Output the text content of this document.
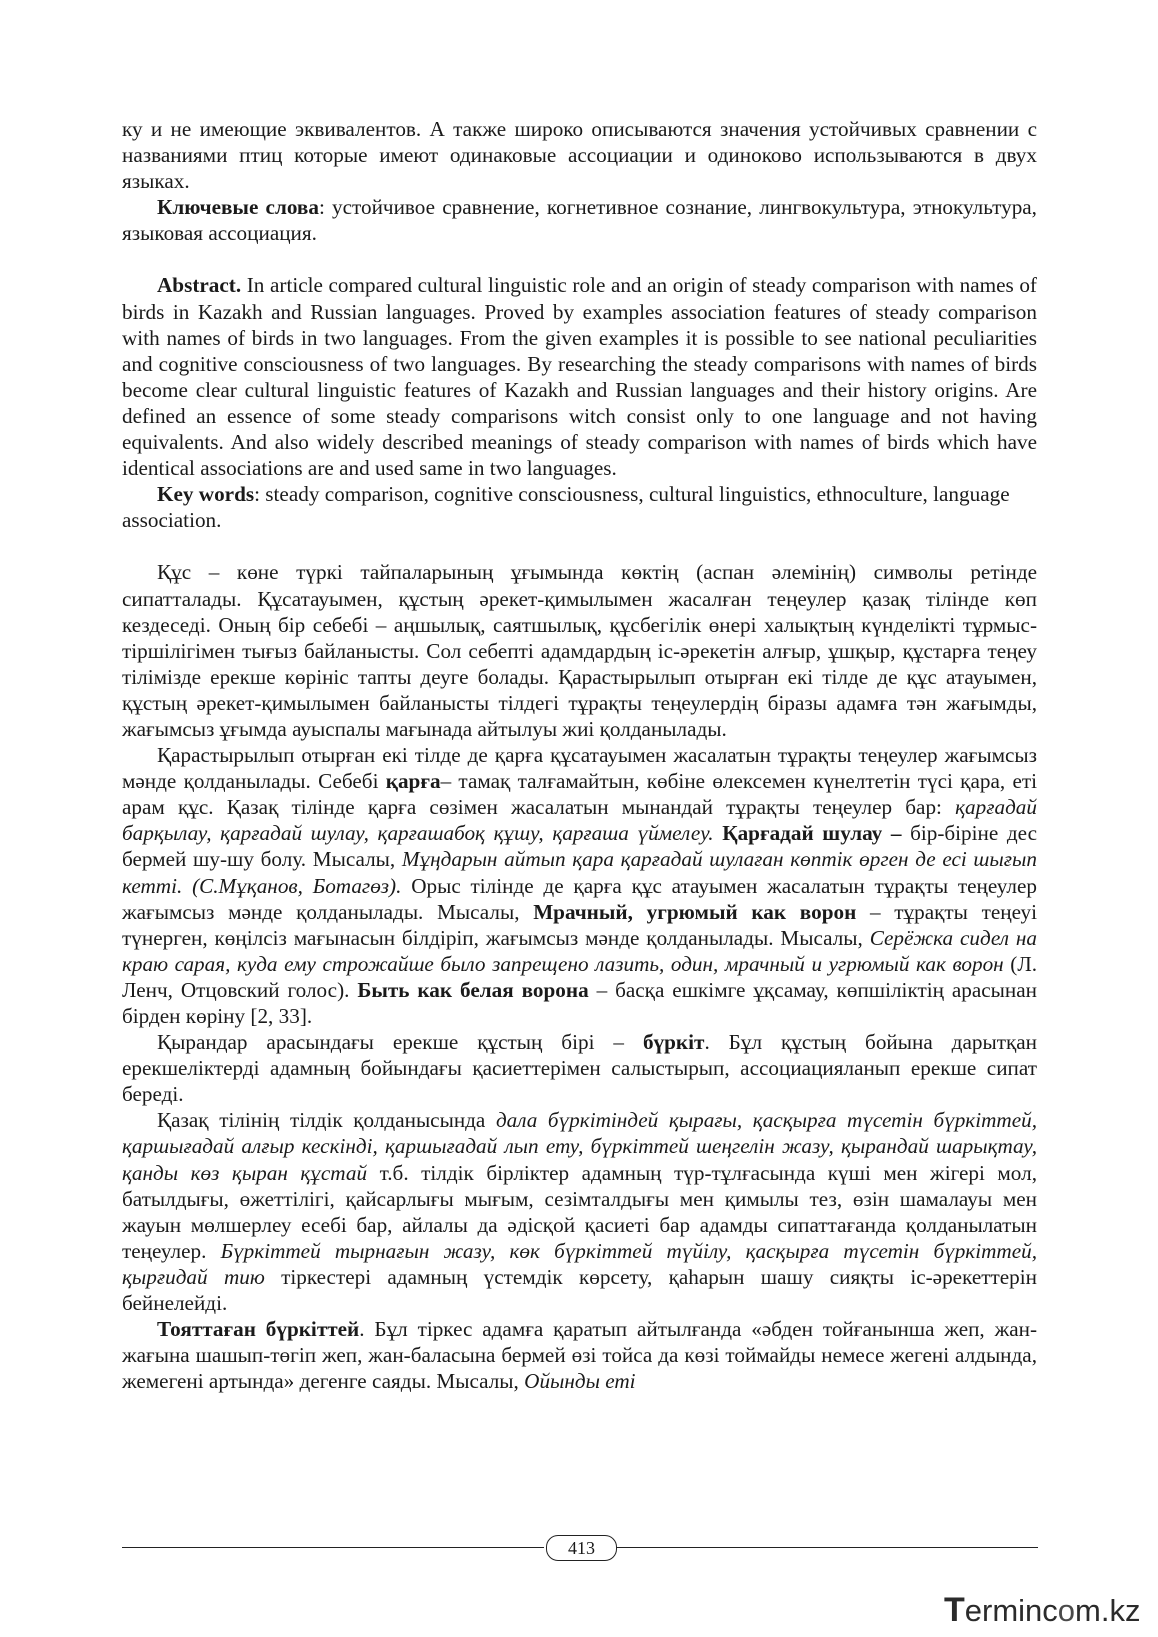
ку и не имеющие эквивалентов. А также широко описываются значения устойчивых сравнении с названиями птиц которые имеют одинаковые ассоциации и одиноково использываются в двух языках.

Ключевые слова: устойчивое сравнение, когнетивное сознание, лингвокультура, этнокультура, языковая ассоциация.

Abstract. In article compared cultural linguistic role and an origin of steady comparison with names of birds in Kazakh and Russian languages. Proved by examples association features of steady comparison with names of birds in two languages. From the given examples it is possible to see national peculiarities and cognitive consciousness of two languages. By researching the steady comparisons with names of birds become clear cultural linguistic features of Kazakh and Russian languages and their history origins. Are defined an essence of some steady comparisons witch consist only to one language and not having equivalents. And also widely described meanings of steady comparison with names of birds which have identical associations are and used same in two languages.

Key words: steady comparison, cognitive consciousness, cultural linguistics, ethnoculture, language association.

Құс – көне түркі тайпаларының ұғымында көктің (аспан әлемінің) символы ретінде сипатталады. Құсатауымен, құстың әрекет-қимылымен жасалған теңеулер қазақ тілінде көп кездеседі. Оның бір себебі – аңшылық, саятшылық, құсбегілік өнері халықтың күнделікті тұрмыс-тіршілігімен тығыз байланысты. Сол себепті адамдардың іс-әрекетін алғыр, ұшқыр, құстарға теңеу тілімізде ерекше көрініс тапты деуге болады. Қарастырылып отырған екі тілде де құс атауымен, құстың әрекет-қимылымен байланысты тілдегі тұрақты теңеулердің біразы адамға тән жағымды, жағымсыз ұғымда ауыспалы мағынада айтылуы жиі қолданылады.

Қарастырылып отырған екі тілде де қарға құсатауымен жасалатын тұрақты теңеулер жағымсыз мәнде қолданылады. Себебі қарға– тамақ талғамайтын, көбіне өлексемен күнелтетін түсі қара, еті арам құс. Қазақ тілінде қарға сөзімен жасалатын мынандай тұрақты теңеулер бар: қарғадай барқылау, қарғадай шулау, қарғашабоқ құшу, қарғаша үймелеу. Қарғадай шулау – бір-біріне дес бермей шу-шу болу. Мысалы, Мұңдарын айтып қара қарғадай шулаған көптік өрген де есі шығып кетті. (С.Мұқанов, Ботагөз). Орыс тілінде де қарға құс атауымен жасалатын тұрақты теңеулер жағымсыз мәнде қолданылады. Мысалы, Мрачный, угрюмый как ворон – тұрақты теңеуі түнерген, көңілсіз мағынасын білдіріп, жағымсыз мәнде қолданылады. Мысалы, Серёжка сидел на краю сарая, куда ему строжайше было запрещено лазить, один, мрачный и угрюмый как ворон (Л. Ленч, Отцовский голос). Быть как белая ворона – басқа ешкімге ұқсамау, көпшіліктің арасынан бірден көріну [2, 33].

Қырандар арасындағы ерекше құстың бірі – бүркіт. Бұл құстың бойына дарытқан ерекшеліктерді адамның бойындағы қасиеттерімен салыстырып, ассоциацияланып ерекше сипат береді.

Қазақ тілінің тілдік қолданысында дала бүркітіндей қырағы, қасқырға түсетін бүркіттей, қаршығадай алғыр кескінді, қаршығадай лып ету, бүркіттей шеңгелін жазу, қырандай шарықтау, қанды көз қыран құстай т.б. тілдік бірліктер адамның түр-тұлғасында күші мен жігері мол, батылдығы, өжеттілігі, қайсарлығы мығым, сезімталдығы мен қимылы тез, өзін шамалауы мен жауын мөлшерлеу есебі бар, айлалы да әдісқой қасиеті бар адамды сипаттағанда қолданылатын теңеулер. Бүркіттей тырнағын жазу, көк бүркіттей түйілу, қасқырға түсетін бүркіттей, қырғидай тию тіркестері адамның үстемдік көрсету, қаһарын шашу сияқты іс-әрекеттерін бейнелейді.

Тояттаған бүркіттей. Бұл тіркес адамға қаратып айтылғанда «әбден тойғанынша жеп, жан-жағына шашып-төгіп жеп, жан-баласына бермей өзі тойса да көзі тоймайды немесе жегені алдында, жемегені артында» дегенге саяды. Мысалы, Ойынды еті

413
Termincom.kz
